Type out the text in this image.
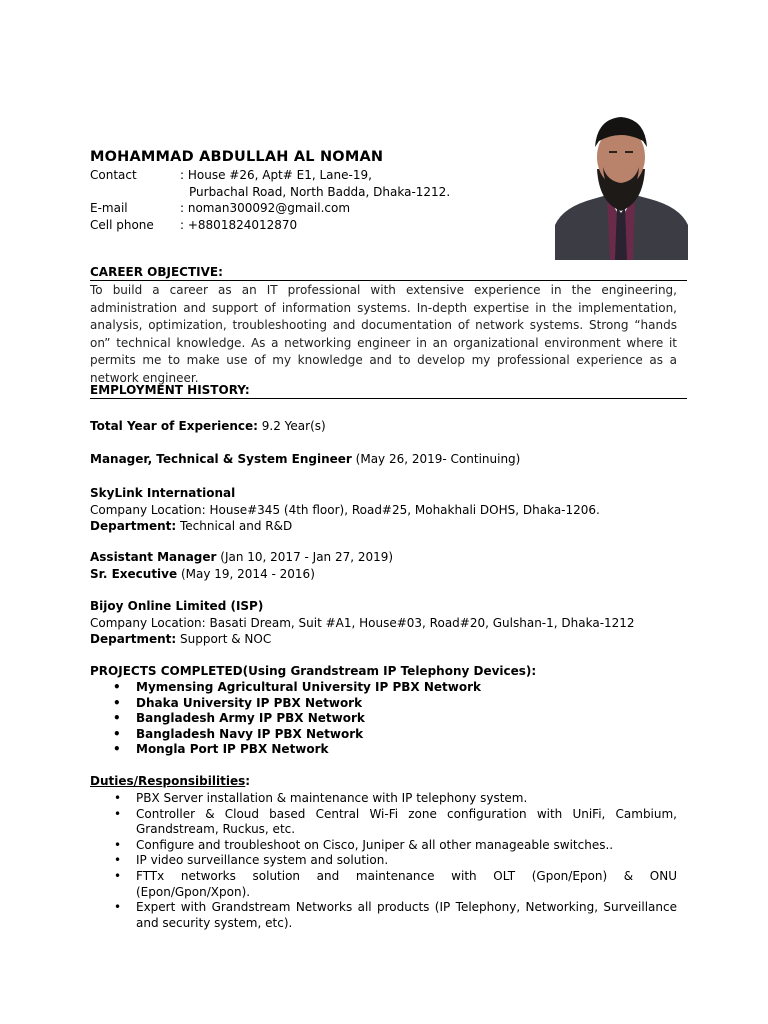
MOHAMMAD ABDULLAH AL NOMAN
Contact	: House #26, Apt# E1, Lane-19,
Purbachal Road, North Badda, Dhaka-1212.
E-mail	: noman300092@gmail.com
Cell phone	: +8801824012870
CAREER OBJECTIVE:
To build a career as an IT professional with extensive experience in the engineering, administration and support of information systems. In-depth expertise in the implementation, analysis, optimization, troubleshooting and documentation of network systems. Strong “hands on” technical knowledge. As a networking engineer in an organizational environment where it permits me to make use of my knowledge and to develop my professional experience as a network engineer.
EMPLOYMENT HISTORY:
Total Year of Experience: 9.2 Year(s)
Manager, Technical & System Engineer (May 26, 2019- Continuing)
SkyLink International
Company Location: House#345 (4th floor), Road#25, Mohakhali DOHS, Dhaka-1206.
Department: Technical and R&D
Assistant Manager (Jan 10, 2017 - Jan 27, 2019)
Sr. Executive (May 19, 2014 - 2016)
Bijoy Online Limited (ISP)
Company Location: Basati Dream, Suit #A1, House#03, Road#20, Gulshan-1, Dhaka-1212
Department: Support & NOC
PROJECTS COMPLETED(Using Grandstream IP Telephony Devices):
• Mymensing Agricultural University IP PBX Network
• Dhaka University IP PBX Network
• Bangladesh Army IP PBX Network
• Bangladesh Navy IP PBX Network
• Mongla Port IP PBX Network
Duties/Responsibilities:
• PBX Server installation & maintenance with IP telephony system.
• Controller & Cloud based Central Wi-Fi zone configuration with UniFi, Cambium, Grandstream, Ruckus, etc.
• Configure and troubleshoot on Cisco, Juniper & all other manageable switches..
• IP video surveillance system and solution.
• FTTx networks solution and maintenance with OLT (Gpon/Epon) & ONU (Epon/Gpon/Xpon).
• Expert with Grandstream Networks all products (IP Telephony, Networking, Surveillance and security system, etc).
